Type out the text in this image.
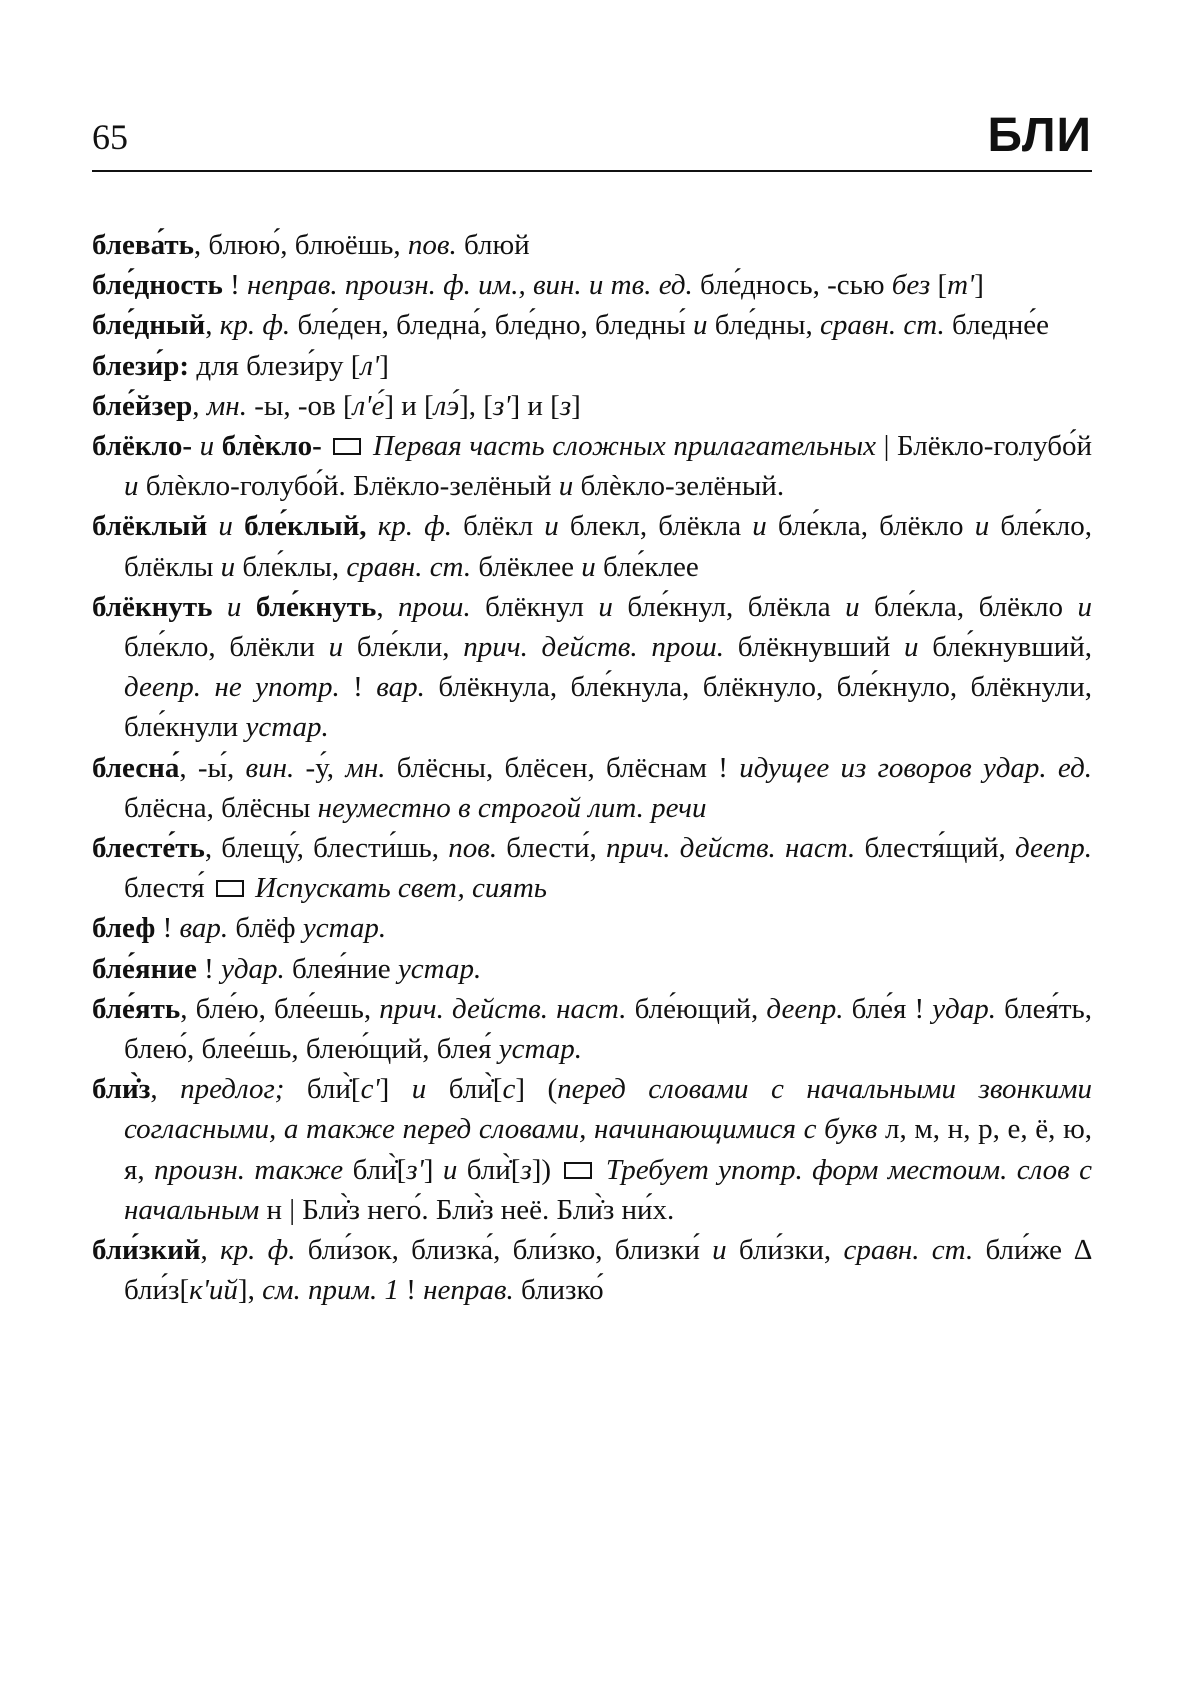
65	БЛИ

блева́ть, блюю́, блюёшь, пов. блюй

бле́дность ! неправ. произн. ф. им., вин. и тв. ед. бле́днось, -сью без [т']

бле́дный, кр. ф. бле́ден, бледна́, бле́дно, бледны́ и бле́дны, сравн. ст. бледне́е

блези́р: для блези́ру [л']

бле́йзер, мн. -ы, -ов [л'е́] и [лэ́], [з'] и [з]

блёкло- и блѐкло-  Первая часть сложных прилагательных | Блёкло-голубо́й и блѐкло-голубо́й. Блёкло-зелёный и блѐкло-зелёный.

блёклый и бле́клый, кр. ф. блёкл и блекл, блёкла и бле́кла, блёкло и бле́кло, блёклы и бле́клы, сравн. ст. блёклее и бле́клее

блёкнуть и бле́кнуть, прош. блёкнул и бле́кнул, блёкла и бле́кла, блёкло и бле́кло, блёкли и бле́кли, прич. действ. прош. блёкнувший и бле́кнувший, деепр. не употр. ! вар. блёкнула, бле́кнула, блёкнуло, бле́кнуло, блёкнули, бле́кнули устар.

блесна́, -ы́, вин. -у́, мн. блёсны, блёсен, блёснам ! идущее из говоров удар. ед. блёсна, блёсны неуместно в строгой лит. речи

блесте́ть, блещу́, блести́шь, пов. блести́, прич. действ. наст. блестя́щий, деепр. блестя́  Испускать свет, сиять

блеф ! вар. блёф устар.

бле́яние ! удар. блея́ние устар.

бле́ять, бле́ю, бле́ешь, прич. действ. наст. бле́ющий, деепр. бле́я ! удар. блея́ть, блею́, блее́шь, блею́щий, блея́ устар.

бли̇̀з, предлог; бли̇̀[с'] и бли̇̀[с] (перед словами с начальными звонкими согласными, а также перед словами, начинающимися с букв л, м, н, р, е, ё, ю, я, произн. также бли̇̀[з'] и бли̇̀[з])  Требует употр. форм местоим. слов с начальным н | Бли̇̀з него́. Бли̇̀з неё. Бли̇̀з ни́х.

бли́зкий, кр. ф. бли́зок, близка́, бли́зко, близки́ и бли́зки, сравн. ст. бли́же ∆ бли́з[к'ий], см. прим. 1 ! неправ. близко́
